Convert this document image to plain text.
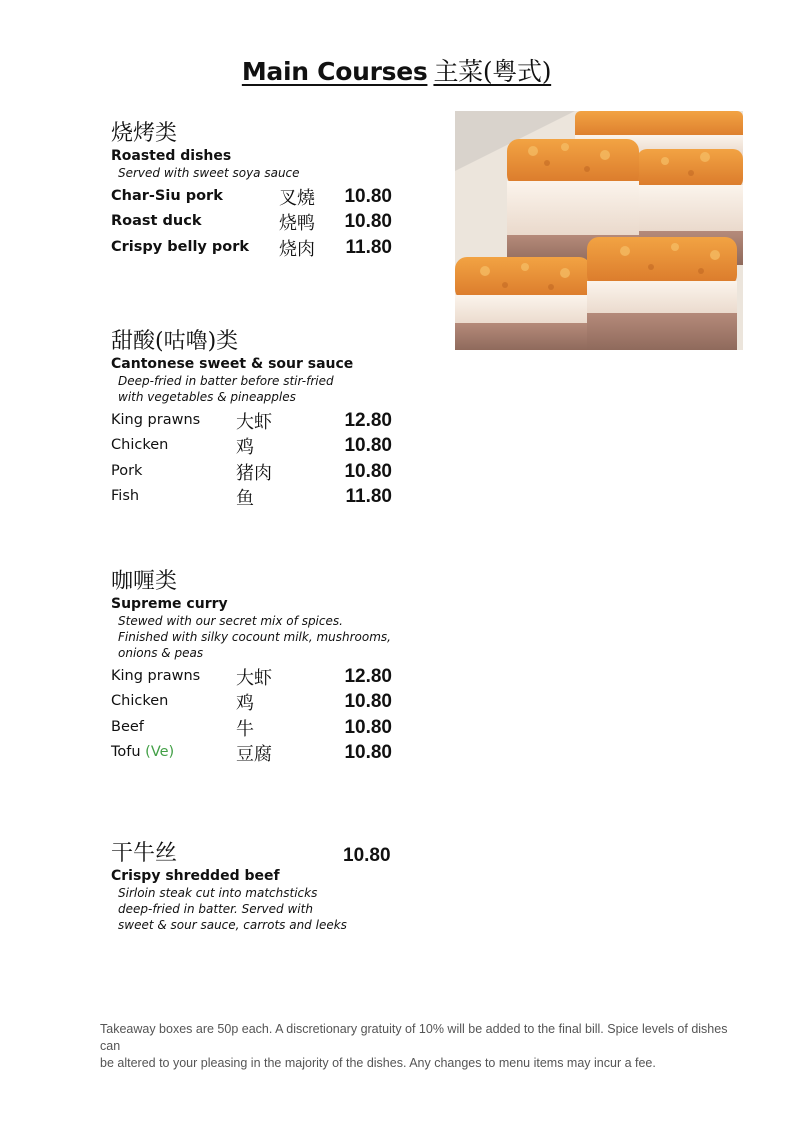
Main Courses 主菜(粤式)
烧烤类
Roasted dishes
Served with sweet soya sauce
Char-Siu pork	叉燒 10.80
Roast duck	烧鸭 10.80
Crispy belly pork 烧肉 11.80
甜酸(咕嚕)类
Cantonese sweet & sour sauce
Deep-fried in batter before stir-fried
with vegetables & pineapples
King prawns 大虾	12.80
Chicken	鸡	10.80
Pork	猪肉	10.80
Fish	鱼	11.80
咖喱类
Supreme curry
Stewed with our secret mix of spices.
Finished with silky cocount milk, mushrooms,
onions & peas
King prawns 大虾	12.80
Chicken	鸡	10.80
Beef	牛	10.80
Tofu (Ve)	豆腐	10.80
干牛丝
Crispy shredded beef
Sirloin steak cut into matchsticks
deep-fried in batter. Served with
sweet & sour sauce, carrots and leeks
10.80
Takeaway boxes are 50p each. A discretionary gratuity of 10% will be added to the final bill. Spice levels of dishes can
be altered to your pleasing in the majority of the dishes. Any changes to menu items may incur a fee.
